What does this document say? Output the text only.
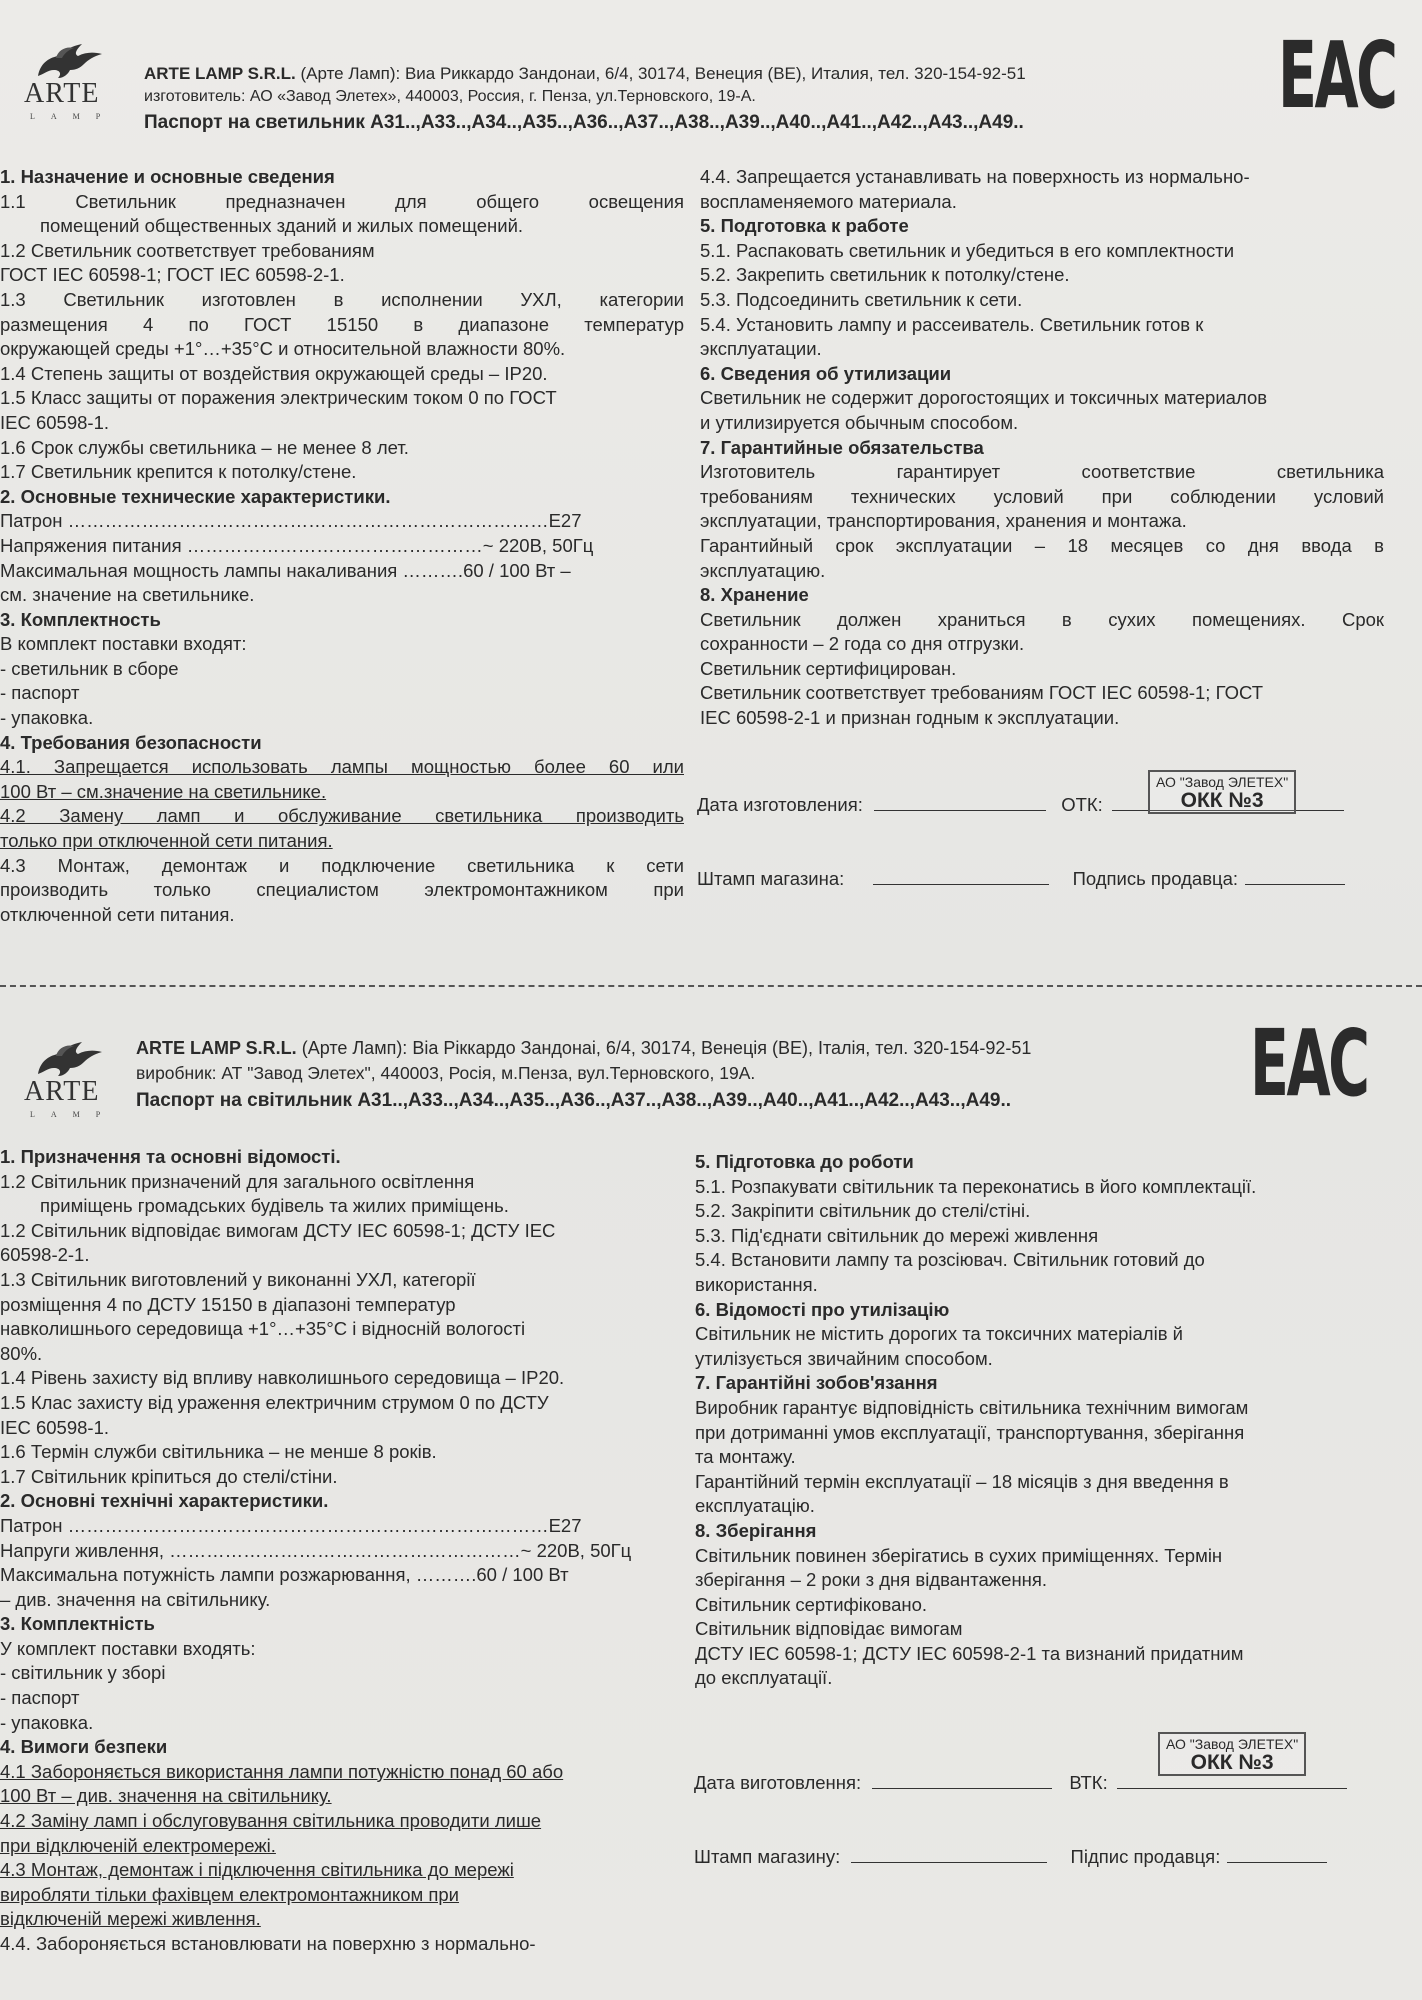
ARTE
LAMP
ARTE LAMP S.R.L. (Арте Ламп): Виа Риккардо Зандонаи, 6/4, 30174, Венеция (ВЕ), Италия, тел. 320-154-92-51
изготовитель: АО «Завод Элетех», 440003, Россия, г. Пенза, ул.Терновского, 19-А.
Паспорт на светильник А31..,А33..,А34..,А35..,А36..,А37..,А38..,А39..,А40..,А41..,А42..,А43..,А49..	ЕАС

1. Назначение и основные сведения

1.1 Светильник предназначен для общего освещения

помещений общественных зданий и жилых помещений.

1.2 Светильник соответствует требованиям

ГОСТ IEC 60598-1; ГОСТ IEC 60598-2-1.

1.3 Светильник изготовлен в исполнении УХЛ, категории

размещения 4 по ГОСТ 15150 в диапазоне температур

окружающей среды +1°…+35°С и относительной влажности 80%.

1.4 Степень защиты от воздействия окружающей среды – IP20.

1.5 Класс защиты от поражения электрическим током 0 по ГОСТ

IEC 60598-1.

1.6 Срок службы светильника – не менее 8 лет.

1.7 Светильник крепится к потолку/стене.

2. Основные технические характеристики.

Патрон ……………………………………………………………………E27

Напряжения питания …………………………………………~ 220В, 50Гц

Максимальная мощность лампы накаливания ……….60 / 100 Вт –

см. значение на светильнике.

3. Комплектность

В комплект поставки входят:

- светильник в сборе

- паспорт

- упаковка.

4. Требования безопасности

4.1. Запрещается использовать лампы мощностью более 60 или

100 Вт – см.значение на светильнике.

4.2 Замену ламп и обслуживание светильника производить

только при отключенной сети питания.

4.3 Монтаж, демонтаж и подключение светильника к сети

производить только специалистом электромонтажником при

отключенной сети питания.

4.4. Запрещается устанавливать на поверхность из нормально-

воспламеняемого материала.

5. Подготовка к работе

5.1. Распаковать светильник и убедиться в его комплектности

5.2. Закрепить светильник к потолку/стене.

5.3. Подсоединить светильник к сети.

5.4. Установить лампу и рассеиватель. Светильник готов к

эксплуатации.

6. Сведения об утилизации

Светильник не содержит дорогостоящих и токсичных материалов

и утилизируется обычным способом.

7. Гарантийные обязательства

Изготовитель гарантирует соответствие светильника

требованиям технических условий при соблюдении условий

эксплуатации, транспортирования, хранения и монтажа.

Гарантийный срок эксплуатации – 18 месяцев со дня ввода в

эксплуатацию.

8. Хранение

Светильник должен храниться в сухих помещениях. Срок

сохранности – 2 года со дня отгрузки.

Светильник сертифицирован.

Светильник соответствует требованиям ГОСТ IEC 60598-1; ГОСТ

IEC 60598-2-1 и признан годным к эксплуатации.

Дата изготовления:	ОТК:
АО "Завод ЭЛЕТЕХ"
ОКК №3
Штамп магазина:	Подпись продавца:
ARTE
LAMP
ARTE LAMP S.R.L. (Арте Ламп): Віа Ріккардо Зандонаі, 6/4, 30174, Венеція (ВЕ), Італія, тел. 320-154-92-51
виробник: АТ "Завод Элетех", 440003, Росія, м.Пенза, вул.Терновского, 19А.
Паспорт на світильник А31..,А33..,А34..,А35..,А36..,А37..,А38..,А39..,А40..,А41..,А42..,А43..,А49..	ЕАС

1. Призначення та основні відомості.

1.2 Світильник призначений для загального освітлення

приміщень громадських будівель та жилих приміщень.

1.2 Світильник відповідає вимогам ДСТУ IEC 60598-1; ДСТУ IEC

60598-2-1.

1.3 Світильник виготовлений у виконанні УХЛ, категорії

розміщення 4 по ДСТУ 15150 в діапазоні температур

навколишнього середовища +1°…+35°С і відносній вологості

80%.

1.4 Рівень захисту від впливу навколишнього середовища – IP20.

1.5 Клас захисту від ураження електричним струмом 0 по ДСТУ

IEC 60598-1.

1.6 Термін служби світильника – не менше 8 років.

1.7 Світильник кріпиться до стелі/стіни.

2. Основні технічні характеристики.

Патрон ……………………………………………………………………E27

Напруги живлення, …………………………………………………~ 220В, 50Гц

Максимальна потужність лампи розжарювання, ……….60 / 100 Вт

– див. значення на світильнику.

3. Комплектність

У комплект поставки входять:

- світильник у зборі

- паспорт

- упаковка.

4. Вимоги безпеки

4.1 Забороняється використання лампи потужністю понад 60 або

100 Вт – див. значення на світильнику.

4.2 Заміну ламп і обслуговування світильника проводити лише

при відключеній електромережі.

4.3 Монтаж, демонтаж і підключення світильника до мережі

виробляти тільки фахівцем електромонтажником при

відключеній мережі живлення.

4.4. Забороняється встановлювати на поверхню з нормально-

5. Підготовка до роботи

5.1. Розпакувати світильник та переконатись в його комплектації.

5.2. Закріпити світильник до стелі/стіні.

5.3. Під'єднати світильник до мережі живлення

5.4. Встановити лампу та розсіювач. Світильник готовий до

використання.

6. Відомості про утилізацію

Світильник не містить дорогих та токсичних матеріалів й

утилізується звичайним способом.

7. Гарантійні зобов'язання

Виробник гарантує відповідність світильника технічним вимогам

при дотриманні умов експлуатації, транспортування, зберігання

та монтажу.

Гарантійний термін експлуатації – 18 місяців з дня введення в

експлуатацію.

8. Зберігання

Світильник повинен зберігатись в сухих приміщеннях. Термін

зберігання – 2 роки з дня відвантаження.

Світильник сертифіковано.

Світильник відповідає вимогам

ДСТУ IEC 60598-1; ДСТУ IEC 60598-2-1 та визнаний придатним

до експлуатації.

АО "Завод ЭЛЕТЕХ"
ОКК №3
Дата виготовлення:	ВТК:
Штамп магазину:	Підпис продавця:
